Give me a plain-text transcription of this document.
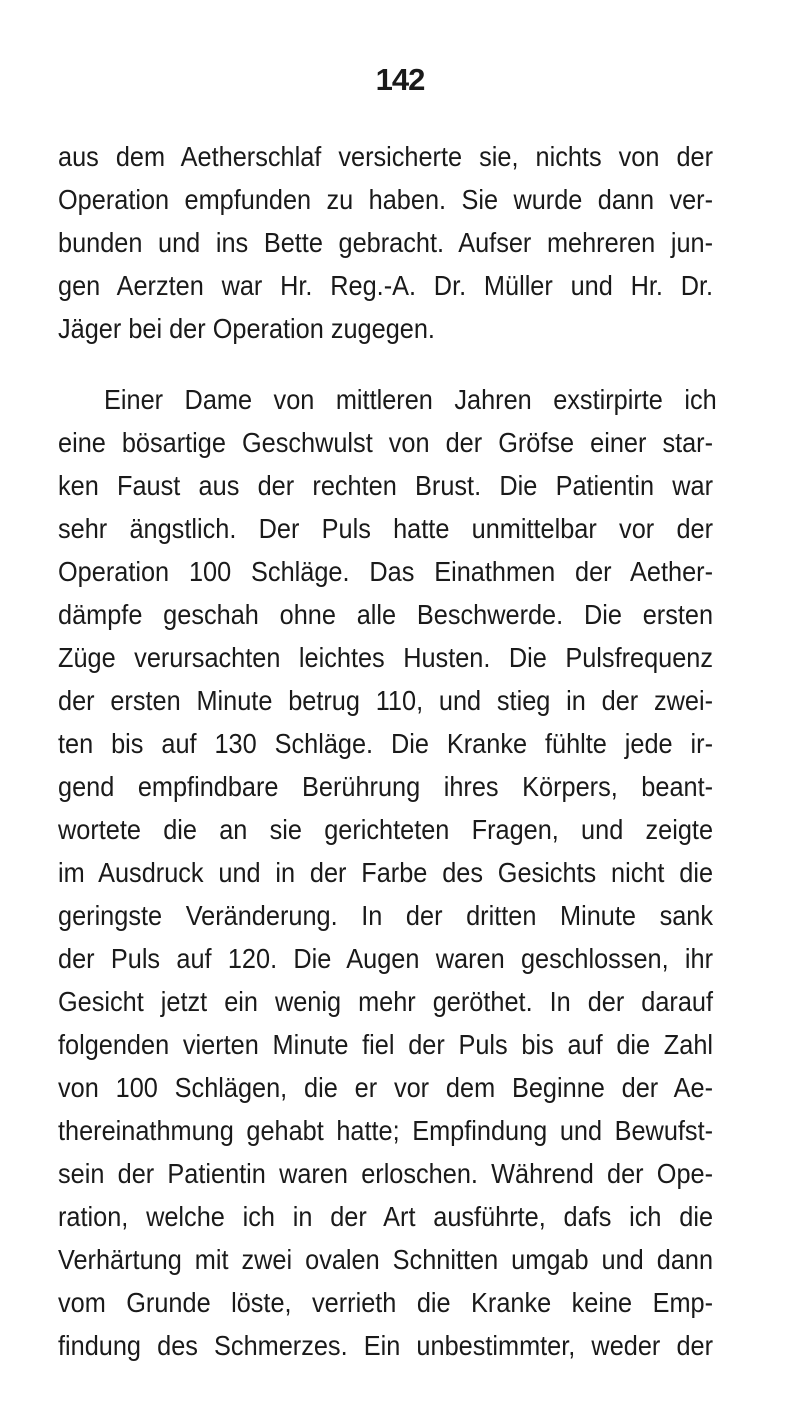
142
aus dem Aetherschlaf versicherte sie, nichts von der
Operation empfunden zu haben. Sie wurde dann ver-
bunden und ins Bette gebracht. Aufser mehreren jun-
gen Aerzten war Hr. Reg.-A. Dr. Müller und Hr. Dr.
Jäger bei der Operation zugegen.
Einer Dame von mittleren Jahren exstirpirte ich
eine bösartige Geschwulst von der Gröfse einer star-
ken Faust aus der rechten Brust. Die Patientin war
sehr ängstlich. Der Puls hatte unmittelbar vor der
Operation 100 Schläge. Das Einathmen der Aether-
dämpfe geschah ohne alle Beschwerde. Die ersten
Züge verursachten leichtes Husten. Die Pulsfrequenz
der ersten Minute betrug 110, und stieg in der zwei-
ten bis auf 130 Schläge. Die Kranke fühlte jede ir-
gend empfindbare Berührung ihres Körpers, beant-
wortete die an sie gerichteten Fragen, und zeigte
im Ausdruck und in der Farbe des Gesichts nicht die
geringste Veränderung. In der dritten Minute sank
der Puls auf 120. Die Augen waren geschlossen, ihr
Gesicht jetzt ein wenig mehr geröthet. In der darauf
folgenden vierten Minute fiel der Puls bis auf die Zahl
von 100 Schlägen, die er vor dem Beginne der Ae-
thereinathmung gehabt hatte; Empfindung und Bewufst-
sein der Patientin waren erloschen. Während der Ope-
ration, welche ich in der Art ausführte, dafs ich die
Verhärtung mit zwei ovalen Schnitten umgab und dann
vom Grunde löste, verrieth die Kranke keine Emp-
findung des Schmerzes. Ein unbestimmter, weder der
